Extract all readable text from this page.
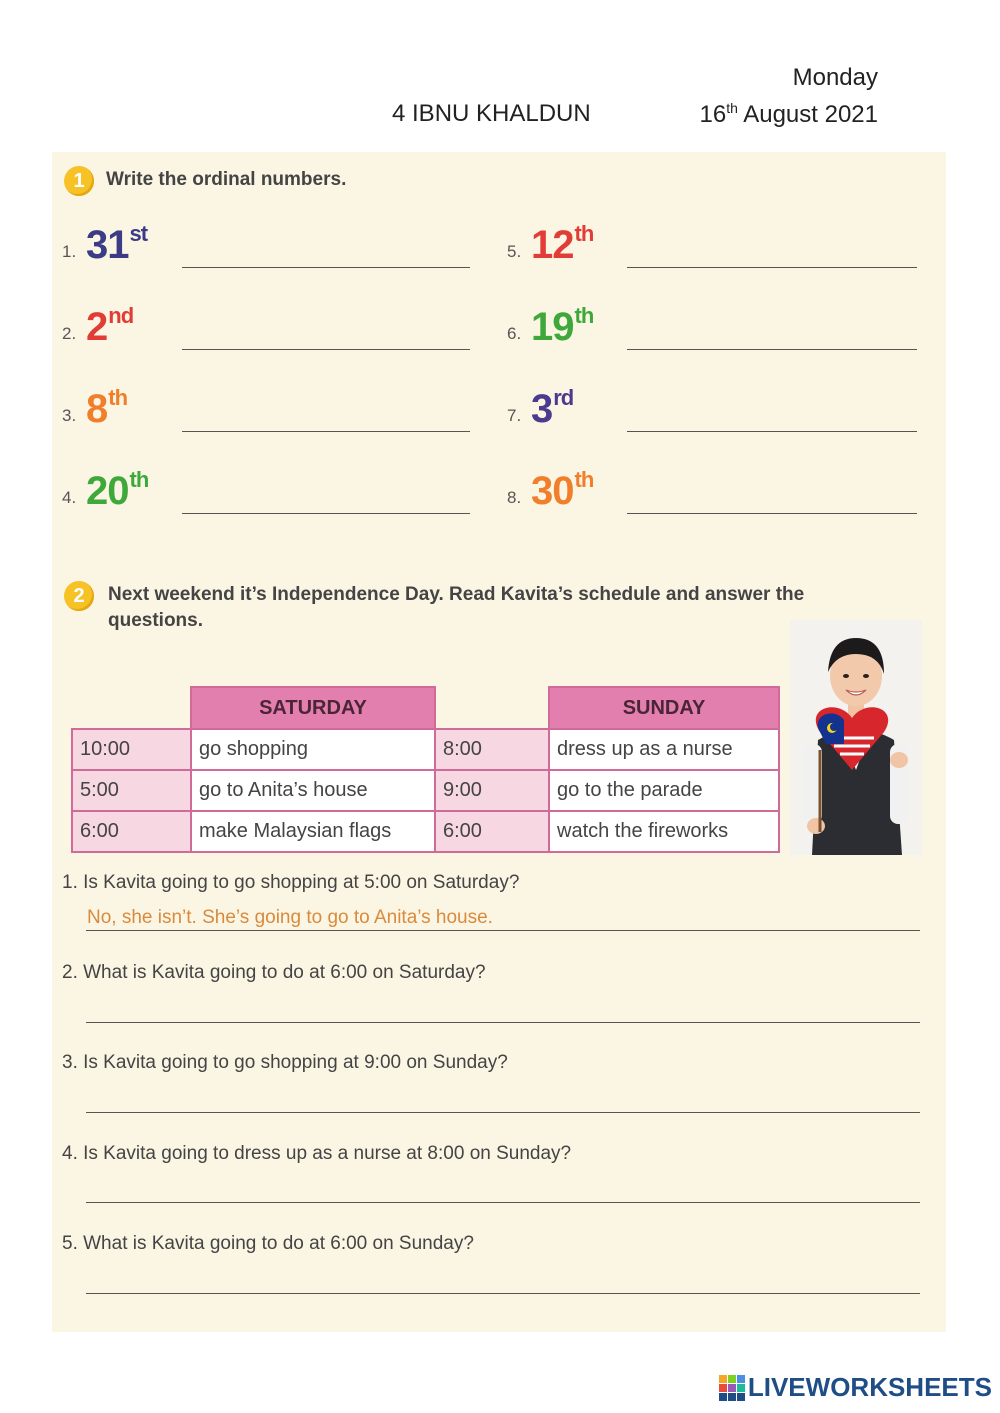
Monday
4 IBNU KHALDUN	16th August 2021
1	Write the ordinal numbers.
1. 31st
2. 2nd
3. 8th
4. 20th
5. 12th
6. 19th
7. 3rd
8. 30th
2	Next weekend it’s Independence Day. Read Kavita’s schedule and answer the
questions.
	SATURDAY		SUNDAY
10:00	go shopping	8:00	dress up as a nurse
5:00	go to Anita’s house	9:00	go to the parade
6:00	make Malaysian flags	6:00	watch the fireworks
1. Is Kavita going to go shopping at 5:00 on Saturday?
2. What is Kavita going to do at 6:00 on Saturday?
3. Is Kavita going to go shopping at 9:00 on Sunday?
4. Is Kavita going to dress up as a nurse at 8:00 on Sunday?
5. What is Kavita going to do at 6:00 on Sunday?
No, she isn’t. She’s going to go to Anita’s house.
LIVEWORKSHEETS
